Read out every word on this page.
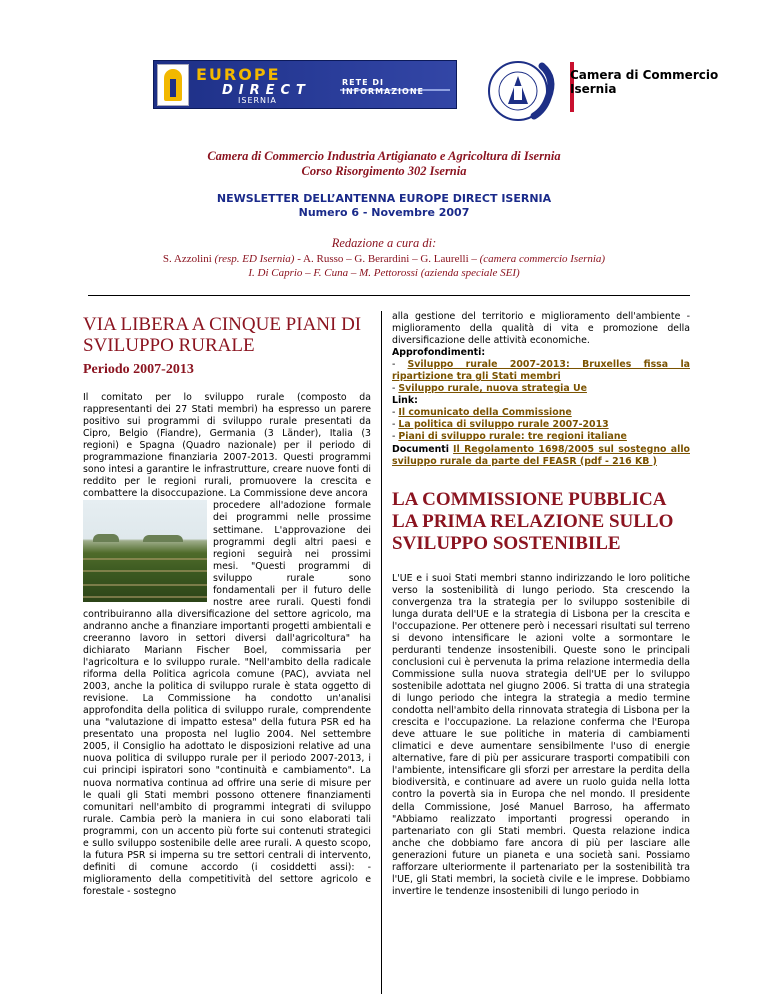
EUROPE
DIRECT
RETE DI INFORMAZIONE
ISERNIA
Camera di Commercio
Isernia
Camera di Commercio Industria Artigianato e Agricoltura di Isernia
Corso Risorgimento 302 Isernia
NEWSLETTER DELL’ANTENNA EUROPE DIRECT ISERNIA
Numero 6 - Novembre 2007
Redazione a cura di:
S. Azzolini (resp. ED Isernia) - A. Russo – G. Berardini – G. Laurelli – (camera commercio Isernia)
I. Di Caprio – F. Cuna – M. Pettorossi (azienda speciale SEI)
VIA LIBERA A CINQUE PIANI DI SVILUPPO RURALE
Periodo 2007-2013

Il comitato per lo sviluppo rurale (composto da rappresentanti dei 27 Stati membri) ha espresso un parere positivo sui programmi di sviluppo rurale presentati da Cipro, Belgio (Fiandre), Germania (3 Länder), Italia (3 regioni) e Spagna (Quadro nazionale) per il periodo di programmazione finanziaria 2007-2013. Questi programmi sono intesi a garantire le infrastrutture, creare nuove fonti di reddito per le regioni rurali, promuovere la crescita e combattere la disoccupazione. La Commissione deve ancora

procedere all'adozione formale dei programmi nelle prossime settimane. L'approvazione dei programmi degli altri paesi e regioni seguirà nei prossimi mesi. "Questi programmi di sviluppo rurale sono fondamentali per il futuro delle nostre aree rurali. Questi fondi contribuiranno alla diversificazione del settore agricolo, ma andranno anche a finanziare importanti progetti ambientali e creeranno lavoro in settori diversi dall'agricoltura" ha dichiarato Mariann Fischer Boel, commissaria per l'agricoltura e lo sviluppo rurale. "Nell'ambito della radicale riforma della Politica agricola comune (PAC), avviata nel 2003, anche la politica di sviluppo rurale è stata oggetto di revisione. La Commissione ha condotto un'analisi approfondita della politica di sviluppo rurale, comprendente una "valutazione di impatto estesa" della futura PSR ed ha presentato una proposta nel luglio 2004. Nel settembre 2005, il Consiglio ha adottato le disposizioni relative ad una nuova politica di sviluppo rurale per il periodo 2007-2013, i cui principi ispiratori sono "continuità e cambiamento". La nuova normativa continua ad offrire una serie di misure per le quali gli Stati membri possono ottenere finanziamenti comunitari nell'ambito di programmi integrati di sviluppo rurale. Cambia però la maniera in cui sono elaborati tali programmi, con un accento più forte sui contenuti strategici e sullo sviluppo sostenibile delle aree rurali. A questo scopo, la futura PSR si imperna su tre settori centrali di intervento, definiti di comune accordo (i cosiddetti assi): - miglioramento della competitività del settore agricolo e forestale - sostegno

alla gestione del territorio e miglioramento dell'ambiente - miglioramento della qualità di vita e promozione della diversificazione delle attività economiche.

Approfondimenti:
- Sviluppo rurale 2007-2013: Bruxelles fissa la ripartizione tra gli Stati membri
- Sviluppo rurale, nuova strategia Ue
Link:
- Il comunicato della Commissione
- La politica di sviluppo rurale 2007-2013
- Piani di sviluppo rurale: tre regioni italiane
Documenti Il Regolamento 1698/2005 sul sostegno allo sviluppo rurale da parte del FEASR (pdf - 216 KB )
LA COMMISSIONE PUBBLICA LA PRIMA RELAZIONE SULLO SVILUPPO SOSTENIBILE

L'UE e i suoi Stati membri stanno indirizzando le loro politiche verso la sostenibilità di lungo periodo. Sta crescendo la convergenza tra la strategia per lo sviluppo sostenibile di lunga durata dell'UE e la strategia di Lisbona per la crescita e l'occupazione. Per ottenere però i necessari risultati sul terreno si devono intensificare le azioni volte a sormontare le perduranti tendenze insostenibili. Queste sono le principali conclusioni cui è pervenuta la prima relazione intermedia della Commissione sulla nuova strategia dell'UE per lo sviluppo sostenibile adottata nel giugno 2006. Si tratta di una strategia di lungo periodo che integra la strategia a medio termine condotta nell'ambito della rinnovata strategia di Lisbona per la crescita e l'occupazione. La relazione conferma che l'Europa deve attuare le sue politiche in materia di cambiamenti climatici e deve aumentare sensibilmente l'uso di energie alternative, fare di più per assicurare trasporti compatibili con l'ambiente, intensificare gli sforzi per arrestare la perdita della biodiversità, e continuare ad avere un ruolo guida nella lotta contro la povertà sia in Europa che nel mondo. Il presidente della Commissione, José Manuel Barroso, ha affermato "Abbiamo realizzato importanti progressi operando in partenariato con gli Stati membri. Questa relazione indica anche che dobbiamo fare ancora di più per lasciare alle generazioni future un pianeta e una società sani. Possiamo rafforzare ulteriormente il partenariato per la sostenibilità tra l'UE, gli Stati membri, la società civile e le imprese. Dobbiamo invertire le tendenze insostenibili di lungo periodo in
